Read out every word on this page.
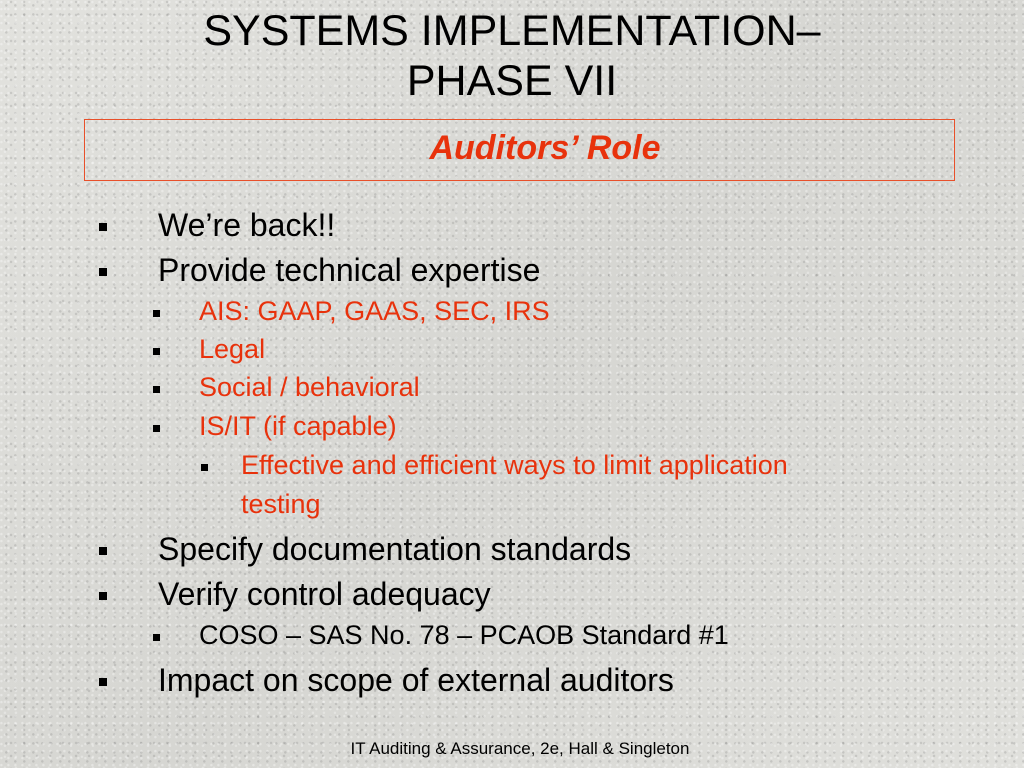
SYSTEMS IMPLEMENTATION–
PHASE VII
Auditors’ Role
We’re back!!
Provide technical expertise
AIS: GAAP, GAAS, SEC, IRS
Legal
Social / behavioral
IS/IT (if capable)
Effective and efficient ways to limit application
testing
Specify documentation standards
Verify control adequacy
COSO – SAS No. 78 – PCAOB Standard #1
Impact on scope of external auditors
IT Auditing & Assurance, 2e, Hall & Singleton
